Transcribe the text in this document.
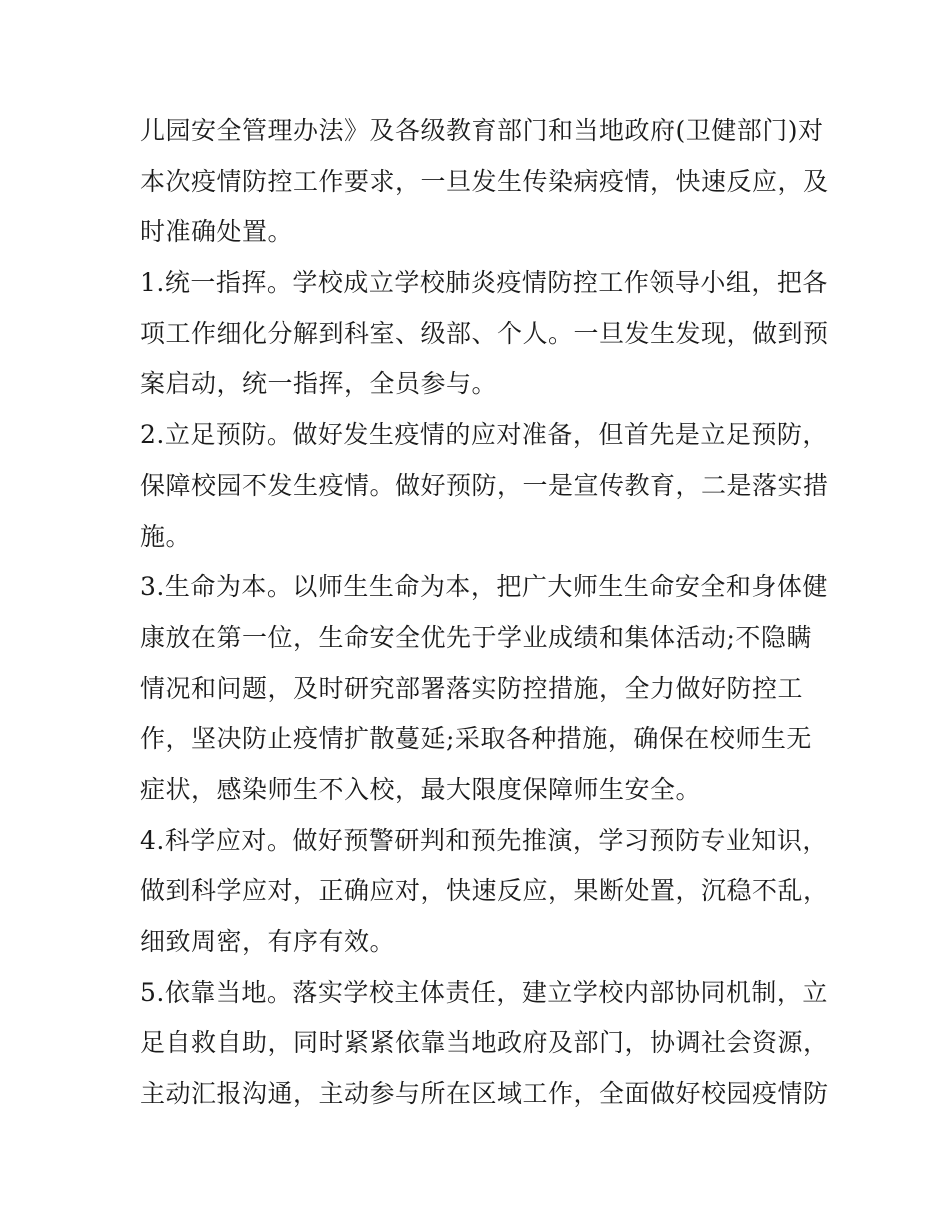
儿园安全管理办法》及各级教育部门和当地政府(卫健部门)对
本次疫情防控工作要求，一旦发生传染病疫情，快速反应，及
时准确处置。
1.统一指挥。学校成立学校肺炎疫情防控工作领导小组，把各
项工作细化分解到科室、级部、个人。一旦发生发现，做到预
案启动，统一指挥，全员参与。
2.立足预防。做好发生疫情的应对准备，但首先是立足预防，
保障校园不发生疫情。做好预防，一是宣传教育，二是落实措
施。
3.生命为本。以师生生命为本，把广大师生生命安全和身体健
康放在第一位，生命安全优先于学业成绩和集体活动;不隐瞒
情况和问题，及时研究部署落实防控措施，全力做好防控工
作，坚决防止疫情扩散蔓延;采取各种措施，确保在校师生无
症状，感染师生不入校，最大限度保障师生安全。
4.科学应对。做好预警研判和预先推演，学习预防专业知识，
做到科学应对，正确应对，快速反应，果断处置，沉稳不乱，
细致周密，有序有效。
5.依靠当地。落实学校主体责任，建立学校内部协同机制，立
足自救自助，同时紧紧依靠当地政府及部门，协调社会资源，
主动汇报沟通，主动参与所在区域工作，全面做好校园疫情防
